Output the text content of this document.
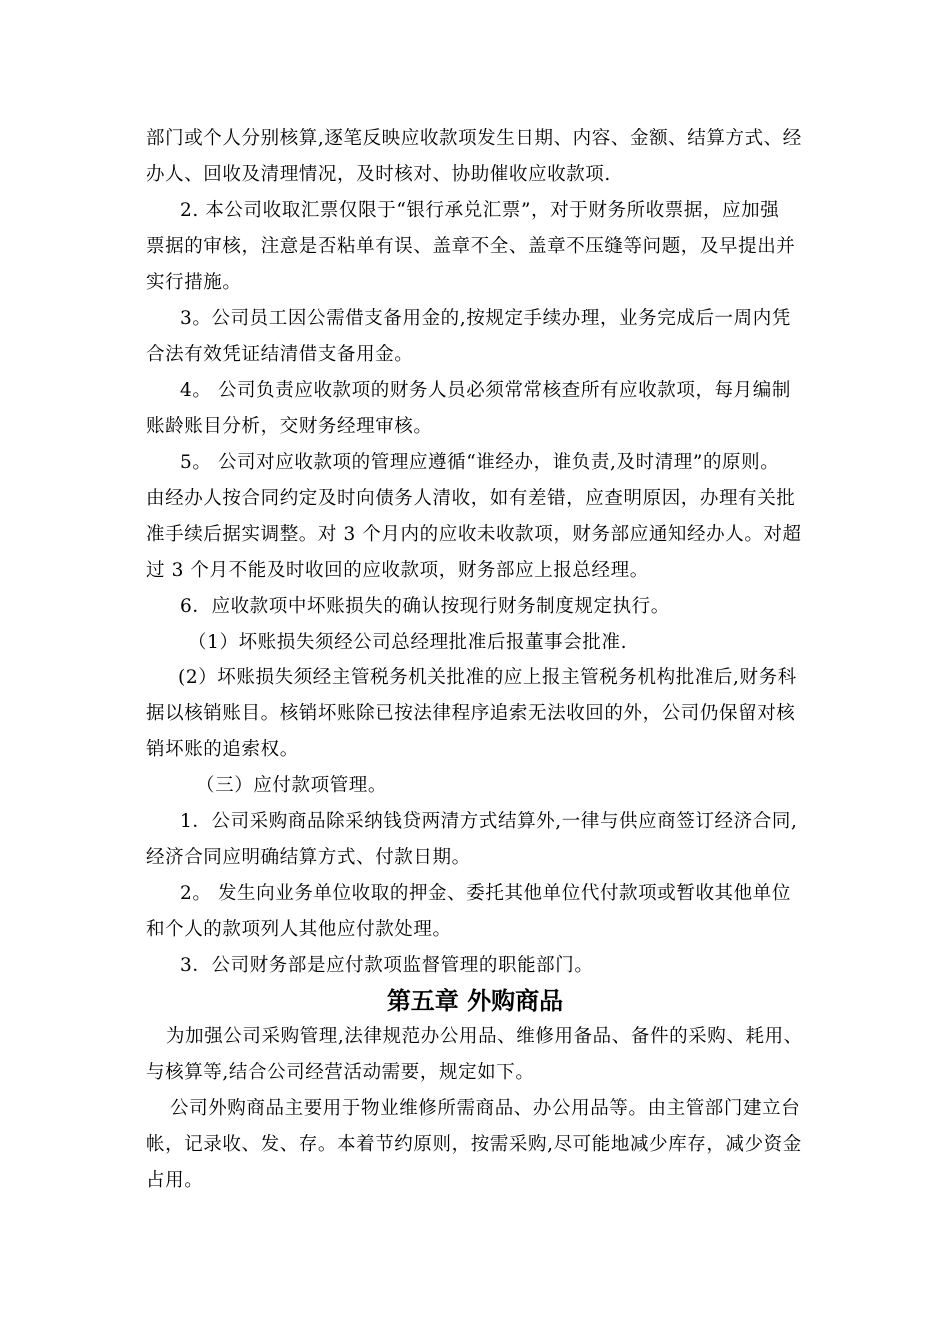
部门或个人分别核算,逐笔反映应收款项发生日期、内容、金额、结算方式、经
办人、回收及清理情况，及时核对、协助催收应收款项.
2. 本公司收取汇票仅限于“银行承兑汇票”，对于财务所收票据，应加强
票据的审核，注意是否粘单有误、盖章不全、盖章不压缝等问题，及早提出并
实行措施。
3。公司员工因公需借支备用金的,按规定手续办理，业务完成后一周内凭
合法有效凭证结清借支备用金。
4。 公司负责应收款项的财务人员必须常常核查所有应收款项，每月编制
账龄账目分析，交财务经理审核。
5。 公司对应收款项的管理应遵循“谁经办，谁负责,及时清理”的原则。
由经办人按合同约定及时向债务人清收，如有差错，应查明原因，办理有关批
准手续后据实调整。对 3 个月内的应收未收款项，财务部应通知经办人。对超
过 3 个月不能及时收回的应收款项，财务部应上报总经理。
6．应收款项中坏账损失的确认按现行财务制度规定执行。
（1）坏账损失须经公司总经理批准后报董事会批准.
(2）坏账损失须经主管税务机关批准的应上报主管税务机构批准后,财务科
据以核销账目。核销坏账除已按法律程序追索无法收回的外，公司仍保留对核
销坏账的追索权。
（三）应付款项管理。
1．公司采购商品除采纳钱贷两清方式结算外,一律与供应商签订经济合同,
经济合同应明确结算方式、付款日期。
2。 发生向业务单位收取的押金、委托其他单位代付款项或暂收其他单位
和个人的款项列人其他应付款处理。
3．公司财务部是应付款项监督管理的职能部门。
第五章 外购商品
为加强公司采购管理,法律规范办公用品、维修用备品、备件的采购、耗用、
与核算等,结合公司经营活动需要，规定如下。
公司外购商品主要用于物业维修所需商品、办公用品等。由主管部门建立台
帐，记录收、发、存。本着节约原则，按需采购,尽可能地减少库存，减少资金
占用。
